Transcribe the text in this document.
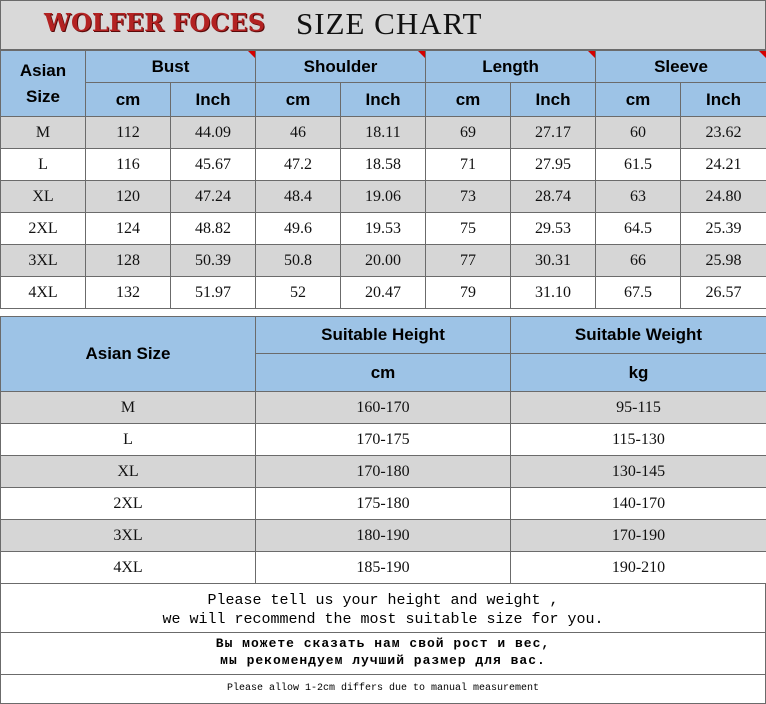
WOLFER FOCES SIZE CHART
Asian Size	Bust		Shoulder		Length		Sleeve	
	cm	Inch	cm	Inch	cm	Inch	cm	Inch
M	112	44.09	46	18.11	69	27.17	60	23.62
L	116	45.67	47.2	18.58	71	27.95	61.5	24.21
XL	120	47.24	48.4	19.06	73	28.74	63	24.80
2XL	124	48.82	49.6	19.53	75	29.53	64.5	25.39
3XL	128	50.39	50.8	20.00	77	30.31	66	25.98
4XL	132	51.97	52	20.47	79	31.10	67.5	26.57
Asian Size	Suitable Height	Suitable Weight
	cm	kg
M	160-170	95-115
L	170-175	115-130
XL	170-180	130-145
2XL	175-180	140-170
3XL	180-190	170-190
4XL	185-190	190-210
Please tell us your height and weight ,
we will recommend the most suitable size for you.
Вы можете сказать нам свой рост и вес,
мы рекомендуем лучший размер для вас.
Please allow 1-2cm differs due to manual measurement
